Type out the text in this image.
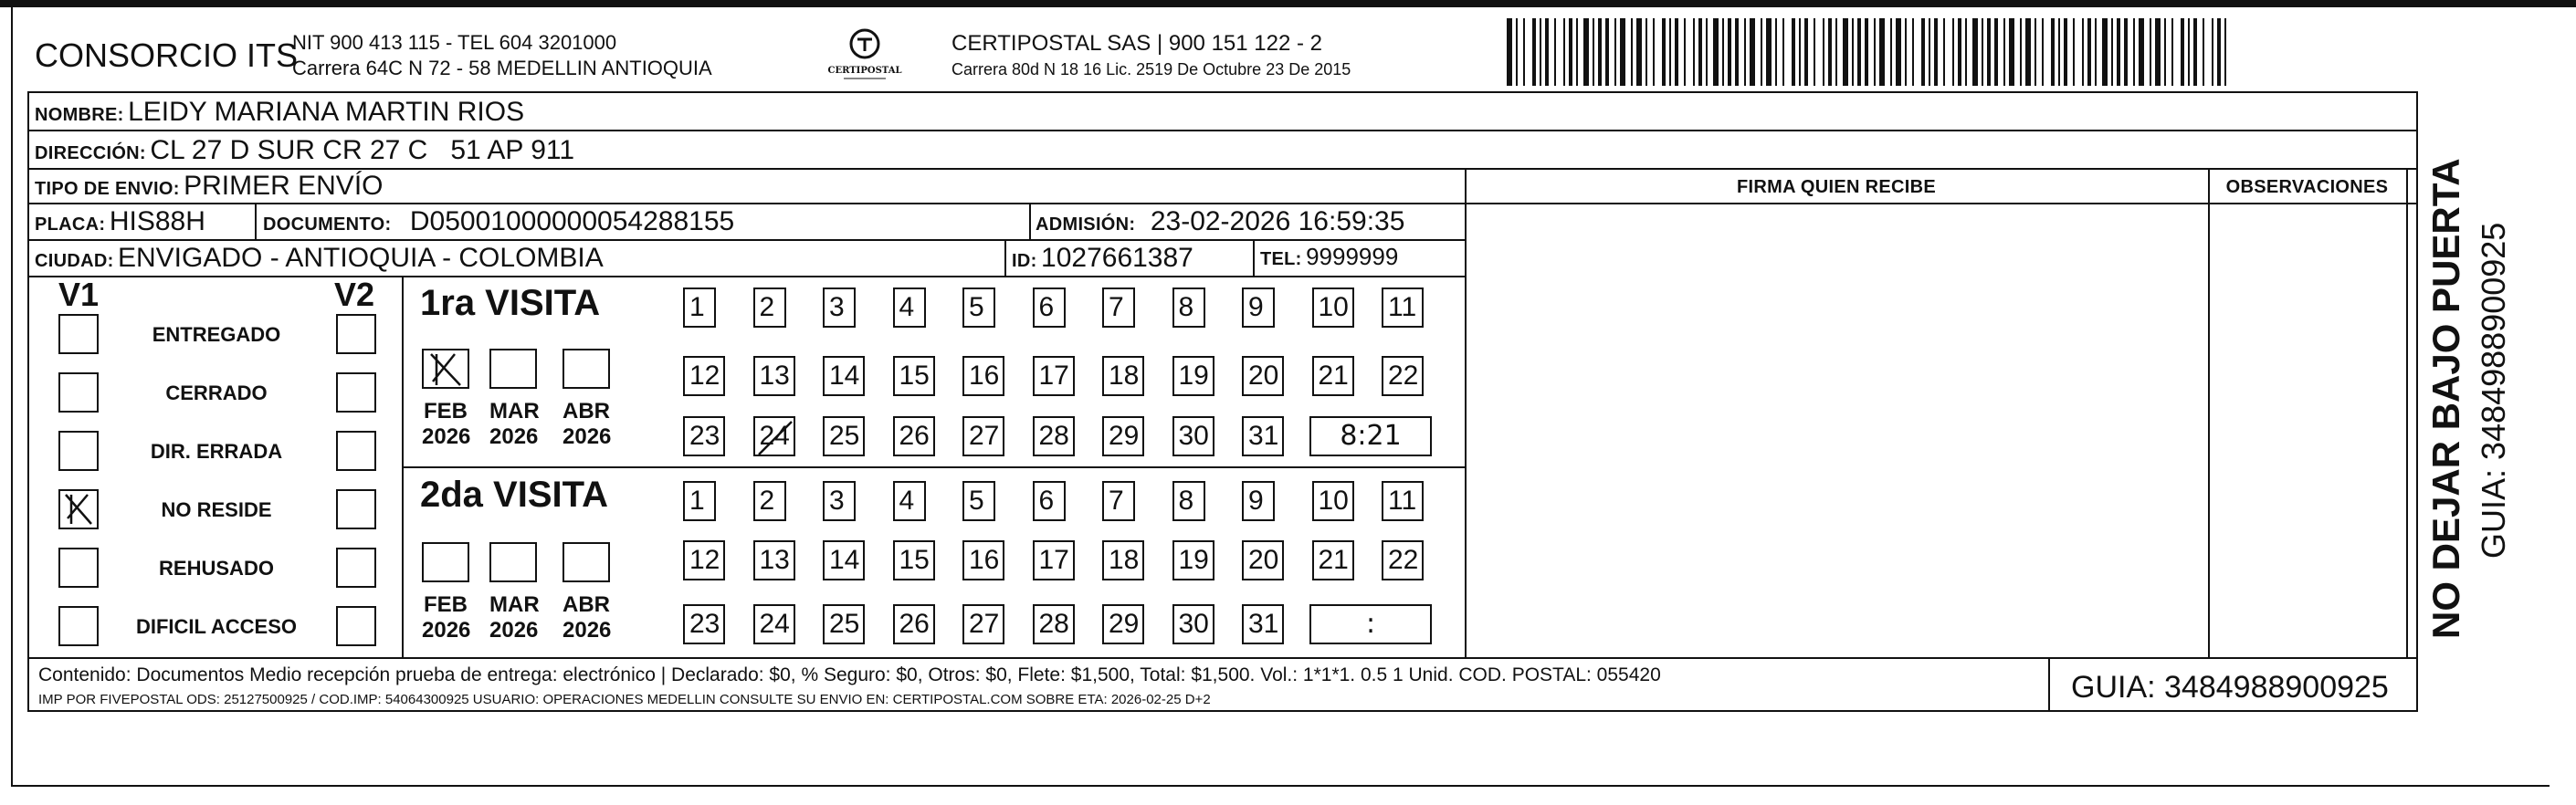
CONSORCIO ITS
NIT 900 413 115 - TEL 604 3201000
Carrera 64C N 72 - 58 MEDELLIN ANTIOQUIA	CERTIPOSTAL
CERTIPOSTAL SAS | 900 151 122 - 2
Carrera 80d N 18 16 Lic. 2519 De Octubre 23 De 2015
NOMBRE: LEIDY MARIANA MARTIN RIOS
DIRECCIÓN: CL 27 D SUR CR 27 C   51 AP 911
TIPO DE ENVIO: PRIMER ENVÍO	FIRMA QUIEN RECIBE	OBSERVACIONES
PLACA: HIS88H	DOCUMENTO: D05001000000054288155	ADMISIÓN: 23-02-2026 16:59:35
CIUDAD: ENVIGADO - ANTIOQUIA - COLOMBIA	ID: 1027661387	TEL: 9999999
V1	V2
ENTREGADO
CERRADO
DIR. ERRADA
NO RESIDE
REHUSADO
DIFICIL ACCESO
1ra VISITA
FEB
2026
MAR
2026
ABR
2026
1	2	3	4	5	6	7	8	9	10 11
12 13 14 15 16 17 18 19 20 21 22
23 24 25 26 27 28 29 30 31	8:21
2da VISITA
FEB
2026
MAR
2026
ABR
2026
1	2	3	4	5	6	7	8	9	10 11
12 13 14 15 16 17 18 19 20 21 22
23 24 25 26 27 28 29 30 31	:
Contenido: Documentos Medio recepción prueba de entrega: electrónico | Declarado: $0, % Seguro: $0, Otros: $0, Flete: $1,500, Total: $1,500. Vol.: 1*1*1. 0.5 1 Unid. COD. POSTAL: 055420
IMP POR FIVEPOSTAL ODS: 25127500925 / COD.IMP: 54064300925 USUARIO: OPERACIONES MEDELLIN CONSULTE SU ENVIO EN: CERTIPOSTAL.COM SOBRE ETA: 2026-02-25 D+2	GUIA: 3484988900925
NO DEJAR BAJO PUERTA GUIA: 3484988900925
